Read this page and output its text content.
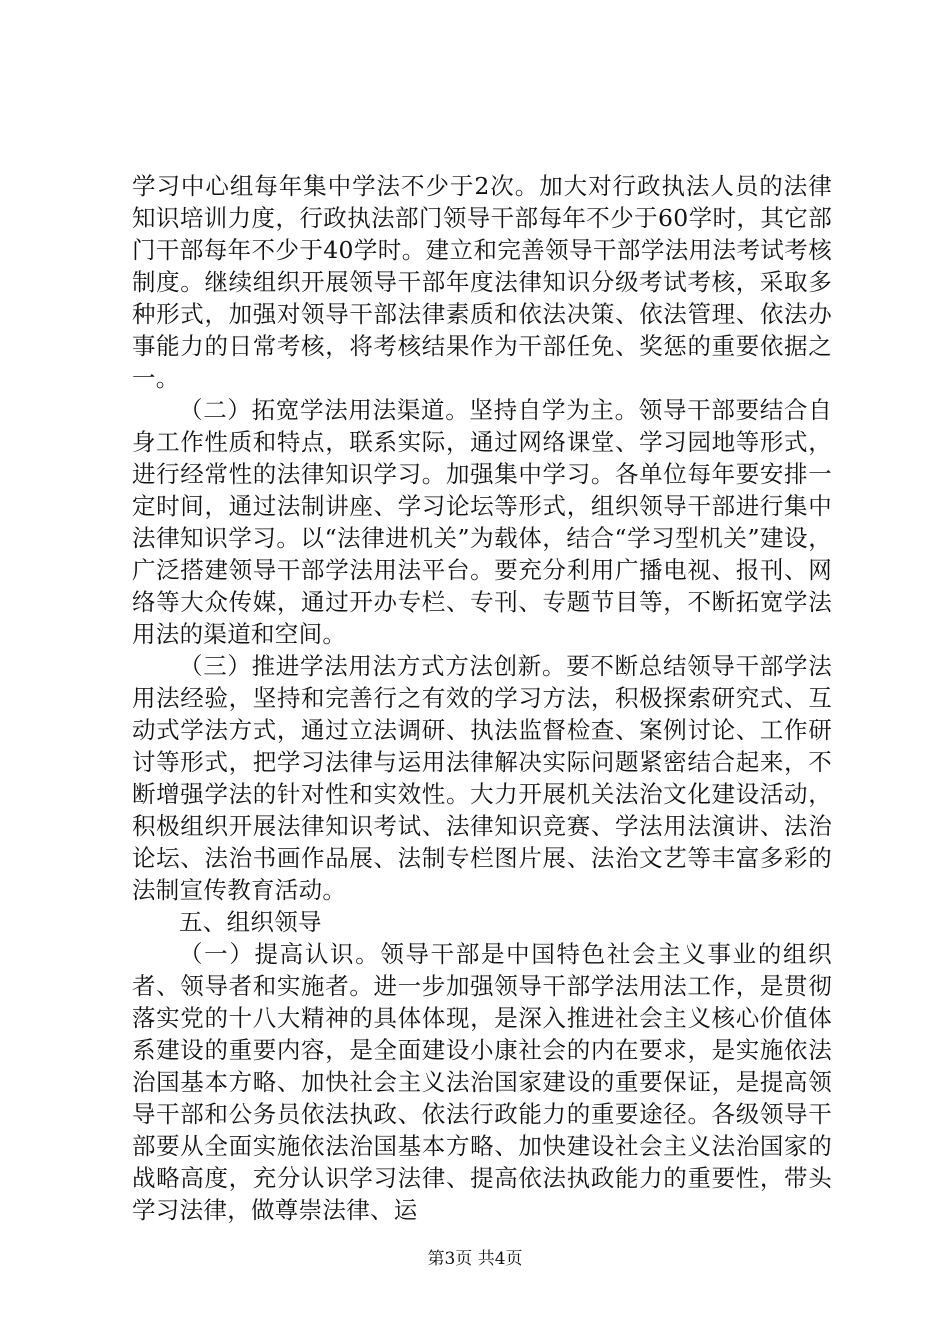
学习中心组每年集中学法不少于2次。加大对行政执法人员的法律知识培训力度，行政执法部门领导干部每年不少于60学时，其它部门干部每年不少于40学时。建立和完善领导干部学法用法考试考核制度。继续组织开展领导干部年度法律知识分级考试考核，采取多种形式，加强对领导干部法律素质和依法决策、依法管理、依法办事能力的日常考核，将考核结果作为干部任免、奖惩的重要依据之一。

（二）拓宽学法用法渠道。坚持自学为主。领导干部要结合自身工作性质和特点，联系实际，通过网络课堂、学习园地等形式，进行经常性的法律知识学习。加强集中学习。各单位每年要安排一定时间，通过法制讲座、学习论坛等形式，组织领导干部进行集中法律知识学习。以“法律进机关”为载体，结合“学习型机关”建设，广泛搭建领导干部学法用法平台。要充分利用广播电视、报刊、网络等大众传媒，通过开办专栏、专刊、专题节目等，不断拓宽学法用法的渠道和空间。

（三）推进学法用法方式方法创新。要不断总结领导干部学法用法经验，坚持和完善行之有效的学习方法，积极探索研究式、互动式学法方式，通过立法调研、执法监督检查、案例讨论、工作研讨等形式，把学习法律与运用法律解决实际问题紧密结合起来，不断增强学法的针对性和实效性。大力开展机关法治文化建设活动，积极组织开展法律知识考试、法律知识竞赛、学法用法演讲、法治论坛、法治书画作品展、法制专栏图片展、法治文艺等丰富多彩的法制宣传教育活动。

五、组织领导

（一）提高认识。领导干部是中国特色社会主义事业的组织者、领导者和实施者。进一步加强领导干部学法用法工作，是贯彻落实党的十八大精神的具体体现，是深入推进社会主义核心价值体系建设的重要内容，是全面建设小康社会的内在要求，是实施依法治国基本方略、加快社会主义法治国家建设的重要保证，是提高领导干部和公务员依法执政、依法行政能力的重要途径。各级领导干部要从全面实施依法治国基本方略、加快建设社会主义法治国家的战略高度，充分认识学习法律、提高依法执政能力的重要性，带头学习法律，做尊崇法律、运

第3页 共4页
